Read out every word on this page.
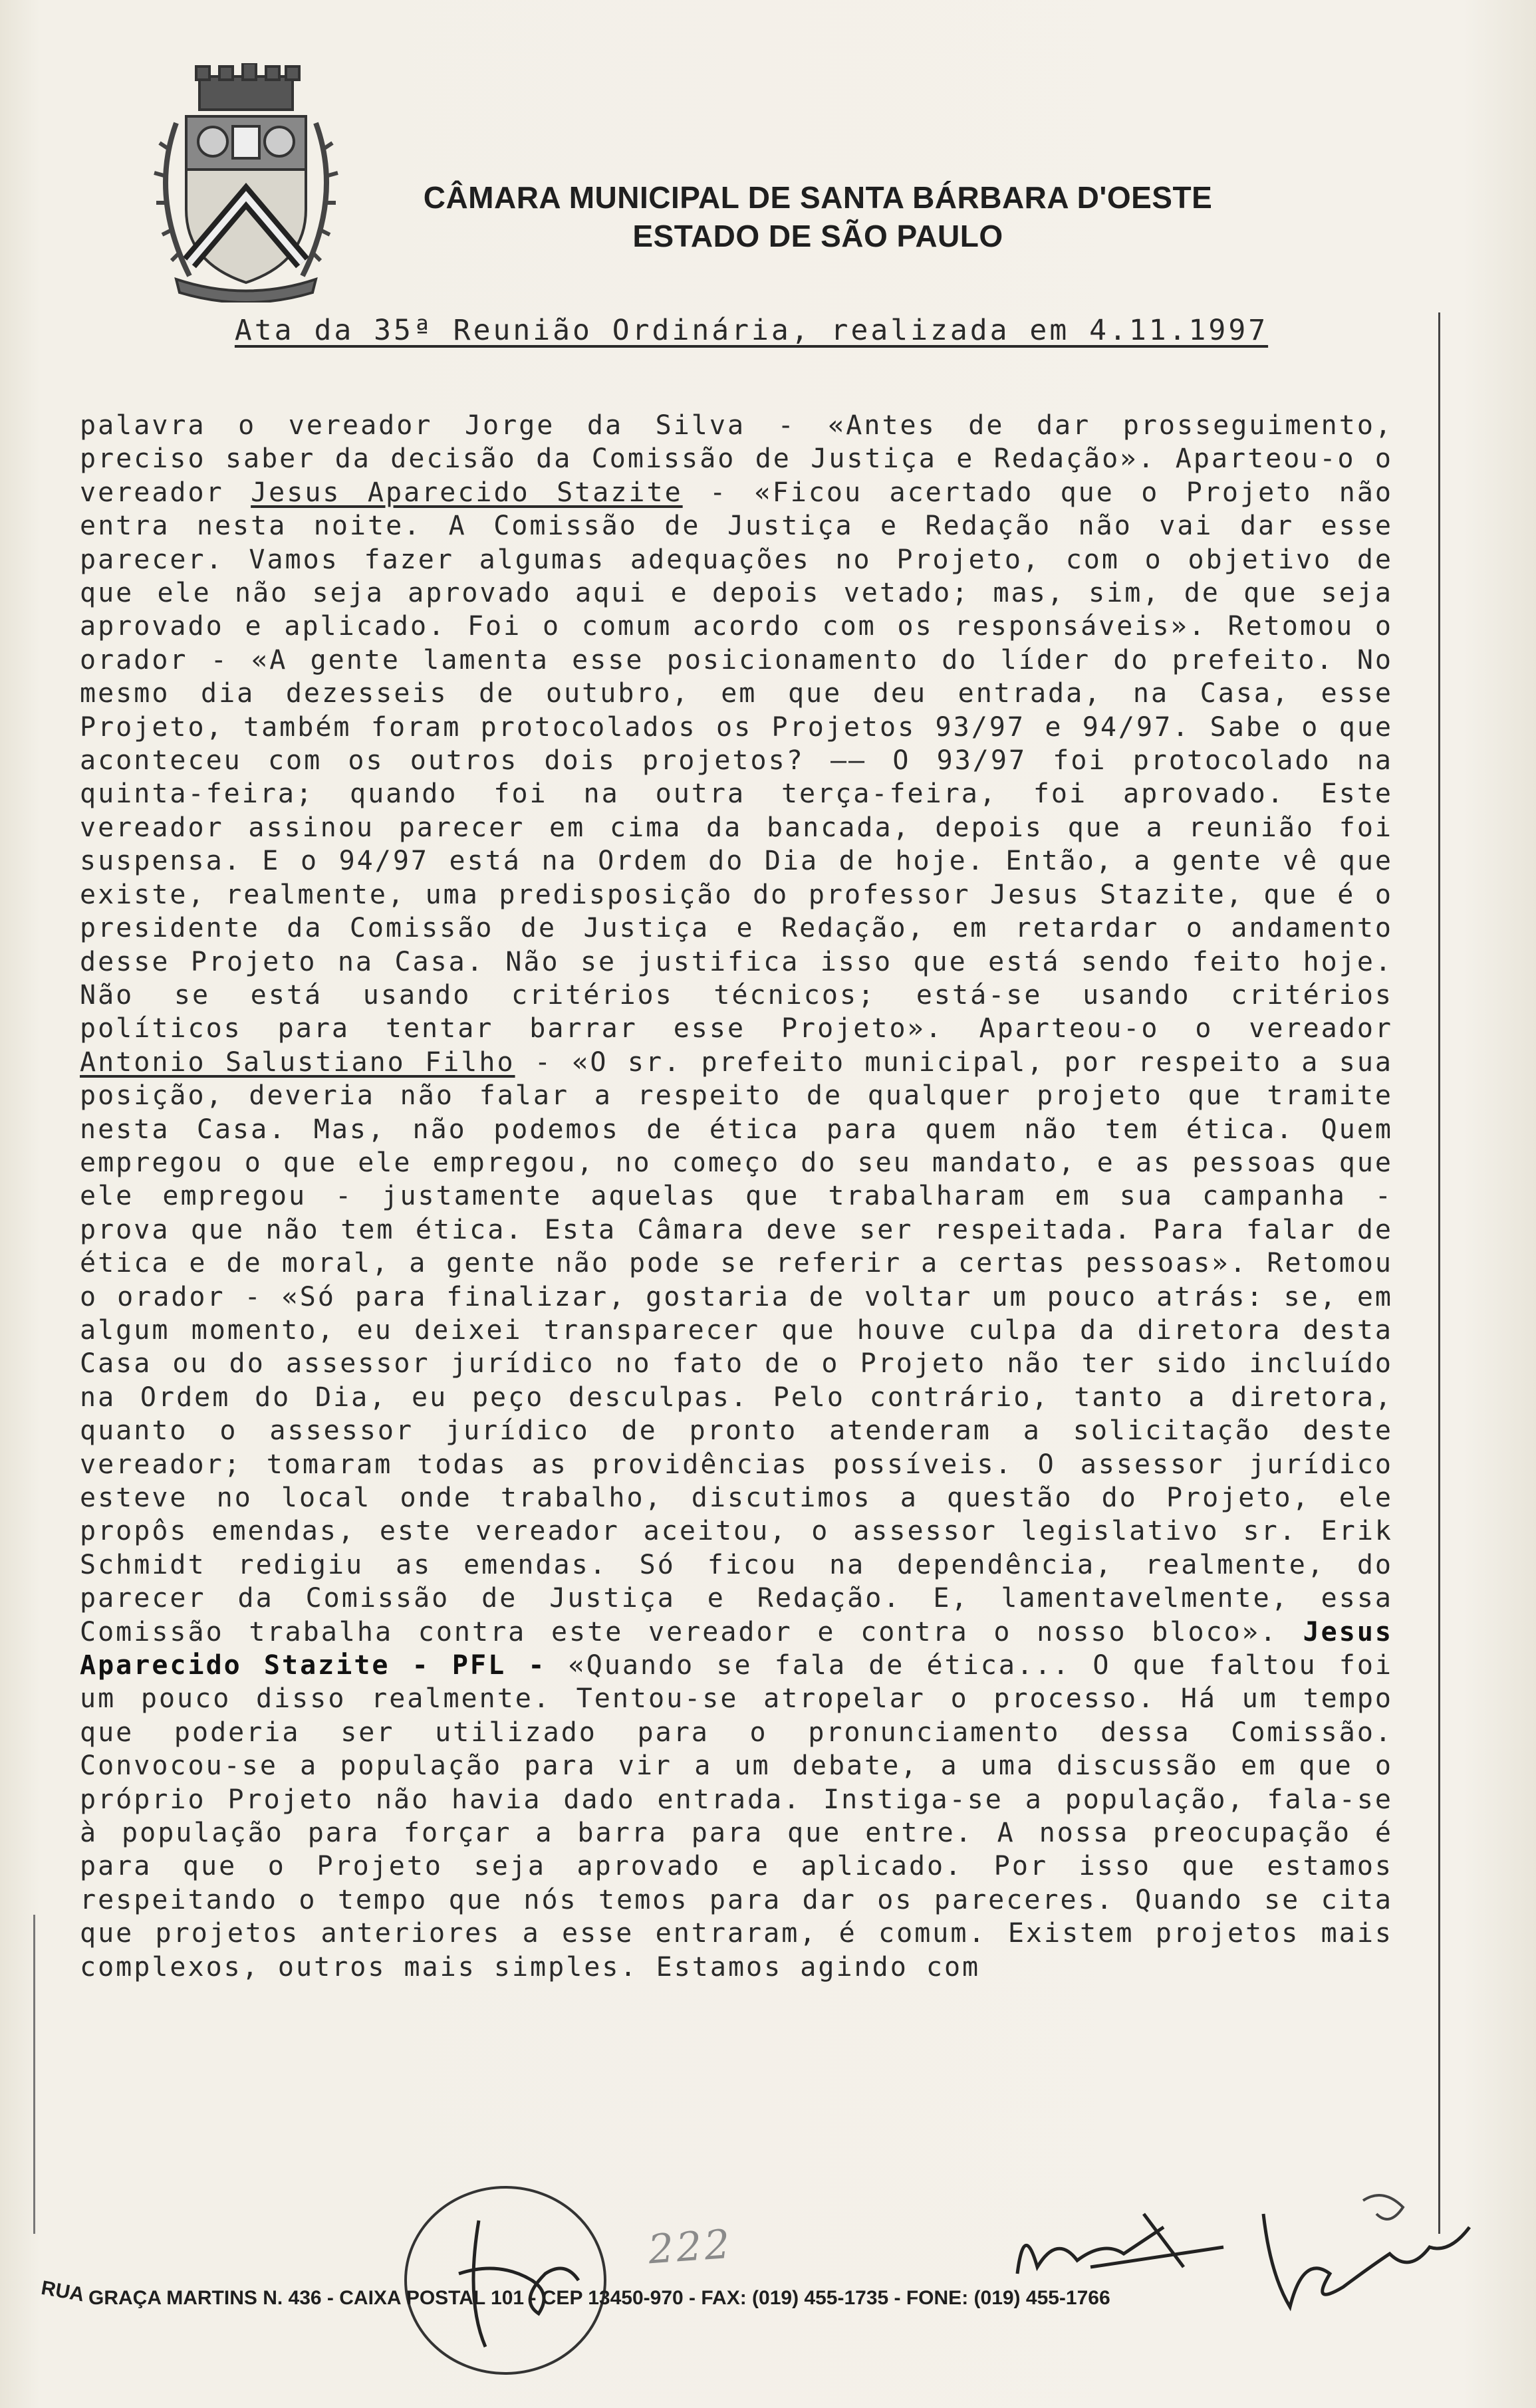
CÂMARA MUNICIPAL DE SANTA BÁRBARA D'OESTE
ESTADO DE SÃO PAULO
Ata da 35ª Reunião Ordinária, realizada em 4.11.1997
palavra o vereador Jorge da Silva - «Antes de dar prosseguimento, preciso saber da decisão da Comissão de Justiça e Redação». Aparteou-o o vereador Jesus Aparecido Stazite - «Ficou acertado que o Projeto não entra nesta noite. A Comissão de Justiça e Redação não vai dar esse parecer. Vamos fazer algumas adequações no Projeto, com o objetivo de que ele não seja aprovado aqui e depois vetado; mas, sim, de que seja aprovado e aplicado. Foi o comum acordo com os responsáveis». Retomou o orador - «A gente lamenta esse posicionamento do líder do prefeito. No mesmo dia dezesseis de outubro, em que deu entrada, na Casa, esse Projeto, também foram protocolados os Projetos 93/97 e 94/97. Sabe o que aconteceu com os outros dois projetos? —— O 93/97 foi protocolado na quinta-feira; quando foi na outra terça-feira, foi aprovado. Este vereador assinou parecer em cima da bancada, depois que a reunião foi suspensa. E o 94/97 está na Ordem do Dia de hoje. Então, a gente vê que existe, realmente, uma predisposição do professor Jesus Stazite, que é o presidente da Comissão de Justiça e Redação, em retardar o andamento desse Projeto na Casa. Não se justifica isso que está sendo feito hoje. Não se está usando critérios técnicos; está-se usando critérios políticos para tentar barrar esse Projeto». Aparteou-o o vereador Antonio Salustiano Filho - «O sr. prefeito municipal, por respeito a sua posição, deveria não falar a respeito de qualquer projeto que tramite nesta Casa. Mas, não podemos de ética para quem não tem ética. Quem empregou o que ele empregou, no começo do seu mandato, e as pessoas que ele empregou - justamente aquelas que trabalharam em sua campanha - prova que não tem ética. Esta Câmara deve ser respeitada. Para falar de ética e de moral, a gente não pode se referir a certas pessoas». Retomou o orador - «Só para finalizar, gostaria de voltar um pouco atrás: se, em algum momento, eu deixei transparecer que houve culpa da diretora desta Casa ou do assessor jurídico no fato de o Projeto não ter sido incluído na Ordem do Dia, eu peço desculpas. Pelo contrário, tanto a diretora, quanto o assessor jurídico de pronto atenderam a solicitação deste vereador; tomaram todas as providências possíveis. O assessor jurídico esteve no local onde trabalho, discutimos a questão do Projeto, ele propôs emendas, este vereador aceitou, o assessor legislativo sr. Erik Schmidt redigiu as emendas. Só ficou na dependência, realmente, do parecer da Comissão de Justiça e Redação. E, lamentavelmente, essa Comissão trabalha contra este vereador e contra o nosso bloco». Jesus Aparecido Stazite - PFL - «Quando se fala de ética... O que faltou foi um pouco disso realmente. Tentou-se atropelar o processo. Há um tempo que poderia ser utilizado para o pronunciamento dessa Comissão. Convocou-se a população para vir a um debate, a uma discussão em que o próprio Projeto não havia dado entrada. Instiga-se a população, fala-se à população para forçar a barra para que entre. A nossa preocupação é para que o Projeto seja aprovado e aplicado. Por isso que estamos respeitando o tempo que nós temos para dar os pareceres. Quando se cita que projetos anteriores a esse entraram, é comum. Existem projetos mais complexos, outros mais simples. Estamos agindo com
222
RUA GRAÇA MARTINS N. 436 - CAIXA POSTAL 101 - CEP 13450-970 - FAX: (019) 455-1735 - FONE: (019) 455-1766
